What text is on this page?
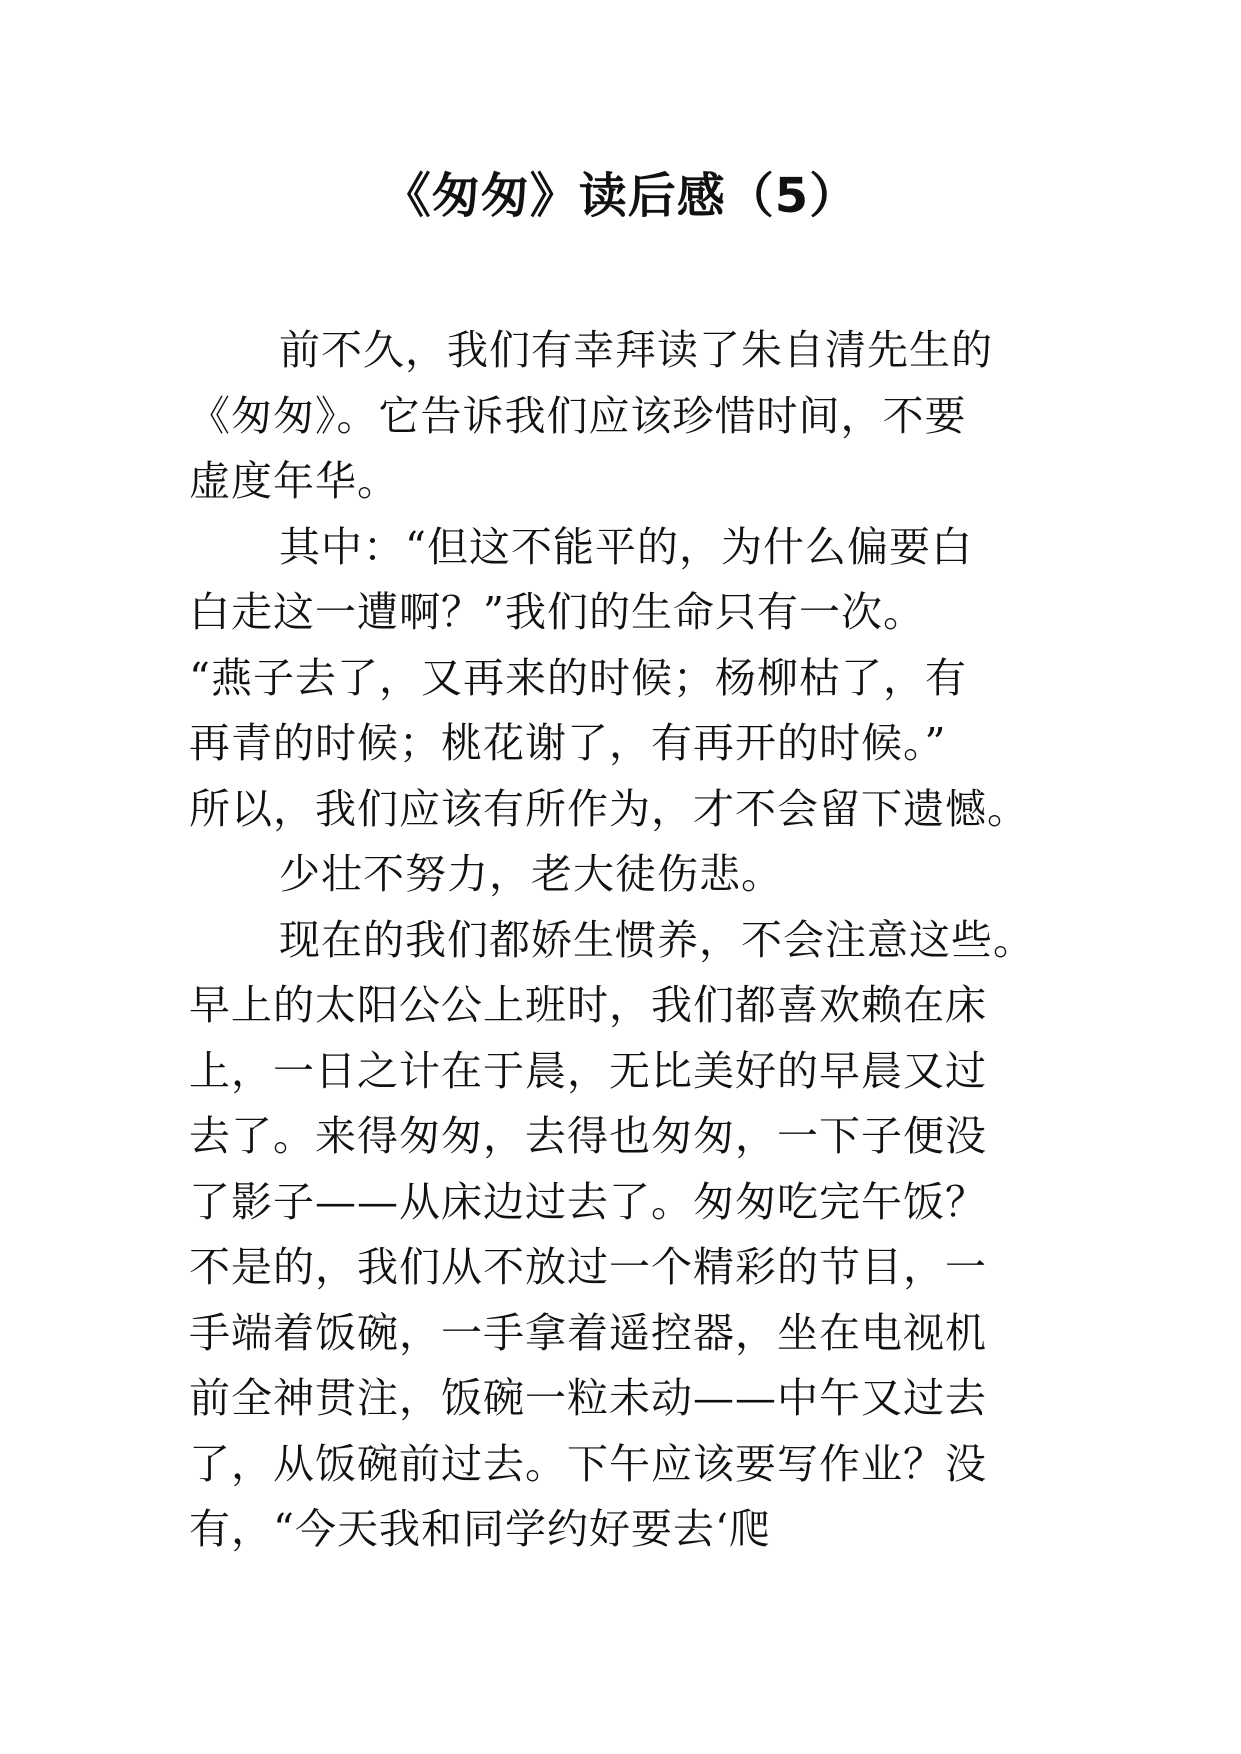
《匆匆》读后感（5）
前不久，我们有幸拜读了朱自清先生的
《匆匆》。它告诉我们应该珍惜时间，不要
虚度年华。
其中：“但这不能平的，为什么偏要白
白走这一遭啊？”我们的生命只有一次。
“燕子去了，又再来的时候；杨柳枯了，有
再青的时候；桃花谢了，有再开的时候。”
所以，我们应该有所作为，才不会留下遗憾。
少壮不努力，老大徒伤悲。
现在的我们都娇生惯养，不会注意这些。
早上的太阳公公上班时，我们都喜欢赖在床
上，一日之计在于晨，无比美好的早晨又过
去了。来得匆匆，去得也匆匆，一下子便没
了影子——从床边过去了。匆匆吃完午饭？
不是的，我们从不放过一个精彩的节目，一
手端着饭碗，一手拿着遥控器，坐在电视机
前全神贯注，饭碗一粒未动——中午又过去
了，从饭碗前过去。下午应该要写作业？没
有，“今天我和同学约好要去‘爬
